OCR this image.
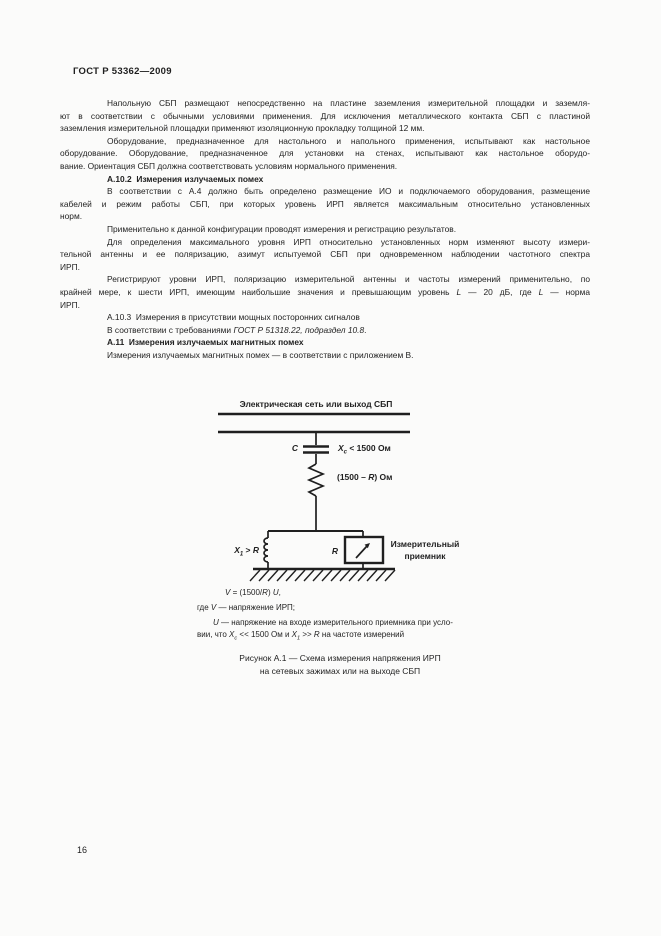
ГОСТ Р 53362—2009
Напольную СБП размещают непосредственно на пластине заземления измерительной площадки и заземля-
ют в соответствии с обычными условиями применения. Для исключения металлического контакта СБП с пластиной
заземления измерительной площадки применяют изоляционную прокладку толщиной 12 мм.
Оборудование, предназначенное для настольного и напольного применения, испытывают как настольное
оборудование. Оборудование, предназначенное для установки на стенах, испытывают как настольное оборудо-
вание. Ориентация СБП должна соответствовать условиям нормального применения.
А.10.2  Измерения излучаемых помех
В соответствии с А.4 должно быть определено размещение ИО и подключаемого оборудования, размещение
кабелей и режим работы СБП, при которых уровень ИРП является максимальным относительно установленных
норм.
Применительно к данной конфигурации проводят измерения и регистрацию результатов.
Для определения максимального уровня ИРП относительно установленных норм изменяют высоту измери-
тельной антенны и ее поляризацию, азимут испытуемой СБП при одновременном наблюдении частотного спектра
ИРП.
Регистрируют уровни ИРП, поляризацию измерительной антенны и частоты измерений применительно, по
крайней мере, к шести ИРП, имеющим наибольшие значения и превышающим уровень L — 20 дБ, где L — норма
ИРП.
А.10.3  Измерения в присутствии мощных посторонних сигналов
В соответствии с требованиями ГОСТ Р 51318.22, подраздел 10.8.
А.11  Измерения излучаемых магнитных помех
Измерения излучаемых магнитных помех — в соответствии с приложением В.
Электрическая сеть или выход СБП
C	$X_c < 1500$ Ом
(1500 – R) Ом
$X_1 > R$	R
Измерительный
приемник
V = (1500/R) U,
где V — напряжение ИРП;
U — напряжение на входе измерительного приемника при усло-
вии, что $X_c << 1500$ Ом и $X_1 >> R$ на частоте измерений
Рисунок А.1 — Схема измерения напряжения ИРП
на сетевых зажимах или на выходе СБП
16
